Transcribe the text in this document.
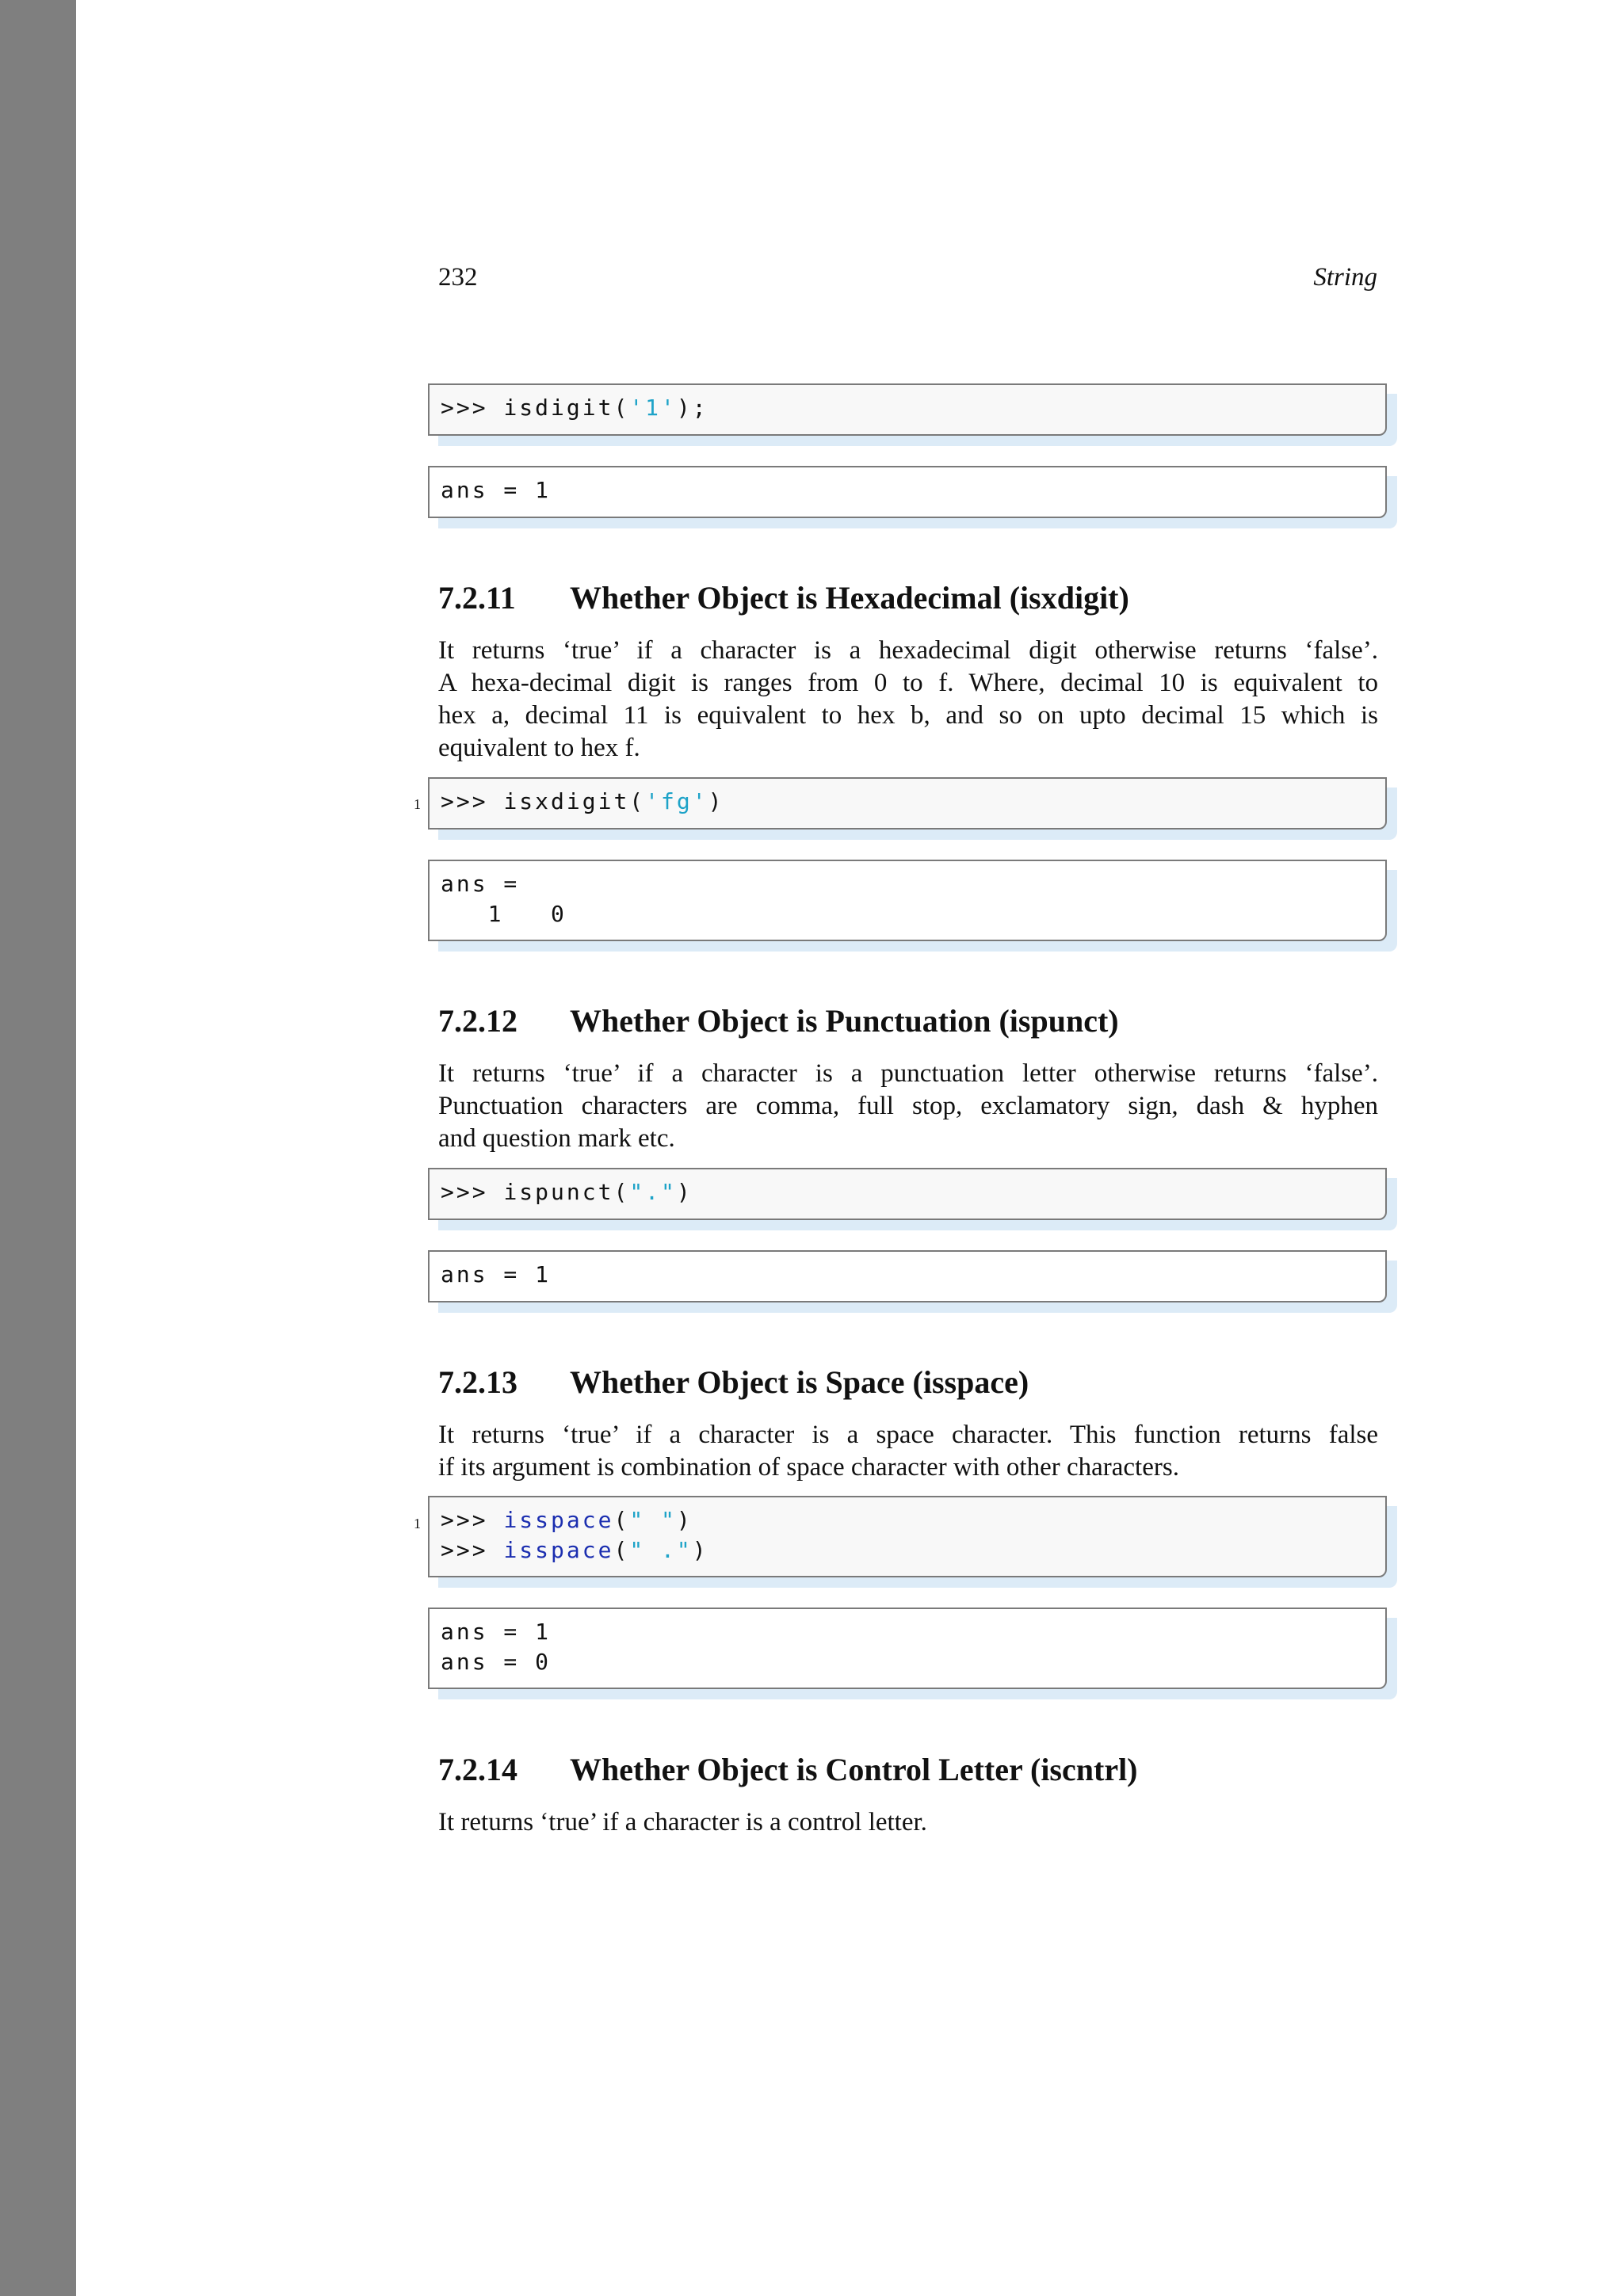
232	String
>>> isdigit('1');
ans = 1
7.2.11 Whether Object is Hexadecimal (isxdigit)
It returns ‘true’ if a character is a hexadecimal digit otherwise returns ‘false’.
A hexa-decimal digit is ranges from 0 to f. Where, decimal 10 is equivalent to
hex a, decimal 11 is equivalent to hex b, and so on upto decimal 15 which is
equivalent to hex f.
1 >>> isxdigit('fg')
ans =
1   0
7.2.12 Whether Object is Punctuation (ispunct)
It returns ‘true’ if a character is a punctuation letter otherwise returns ‘false’.
Punctuation characters are comma, full stop, exclamatory sign, dash & hyphen
and question mark etc.
>>> ispunct(".")
ans = 1
7.2.13 Whether Object is Space (isspace)
It returns ‘true’ if a character is a space character. This function returns false
if its argument is combination of space character with other characters.
1 >>> isspace(" ")
>>> isspace(" .")
ans = 1
ans = 0
7.2.14 Whether Object is Control Letter (iscntrl)
It returns ‘true’ if a character is a control letter.
